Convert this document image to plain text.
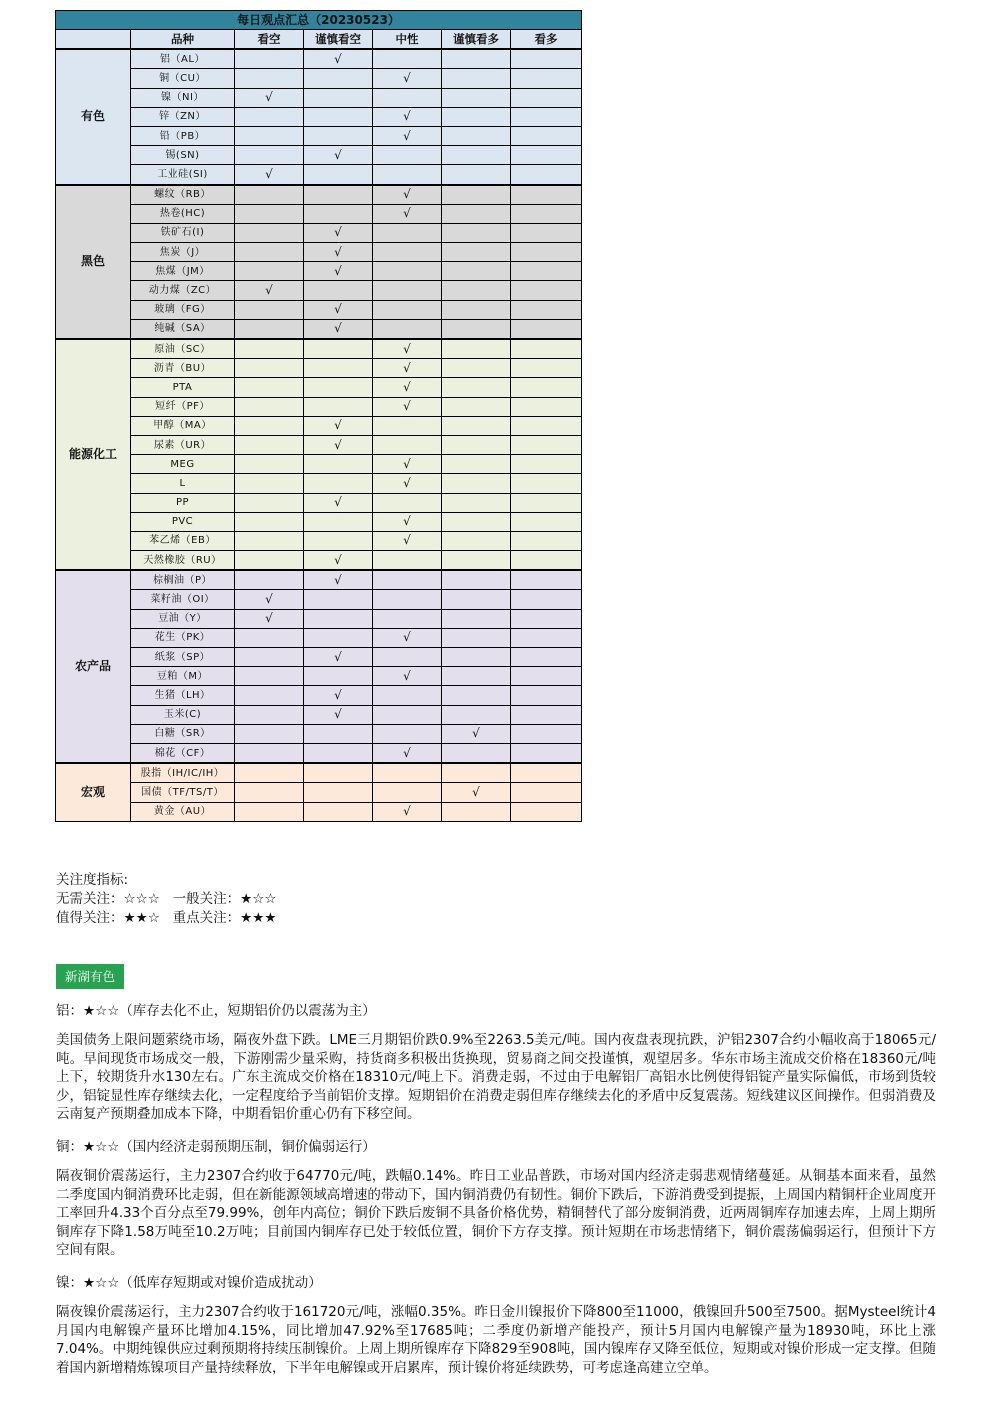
每日观点汇总（20230523）						
	品种	看空	谨慎看空	中性	谨慎看多	看多
有色	铝（AL）		√			
	铜（CU）			√		
	镍（NI）	√				
	锌（ZN）			√		
	铅（PB）			√		
	锡(SN)		√			
	工业硅(SI)	√				
黑色	螺纹（RB）			√		
	热卷(HC)			√		
	铁矿石(I)		√			
	焦炭（J）		√			
	焦煤（JM）		√			
	动力煤（ZC）	√				
	玻璃（FG）		√			
	纯碱（SA）		√			
能源化工	原油（SC）			√		
	沥青（BU）			√		
	PTA			√		
	短纤（PF）			√		
	甲醇（MA）		√			
	尿素（UR）		√			
	MEG			√		
	L			√		
	PP		√			
	PVC			√		
	苯乙烯（EB）			√		
	天然橡胶（RU）		√			
农产品	棕榈油（P）		√			
	菜籽油（OI）	√				
	豆油（Y）	√				
	花生（PK）			√		
	纸浆（SP）		√			
	豆粕（M）			√		
	生猪（LH）		√			
	玉米(C)		√			
	白糖（SR）				√	
	棉花（CF）			√		
宏观	股指（IH/IC/IH）					
	国债（TF/TS/T）				√	
	黄金（AU）			√		
关注度指标:
无需关注：☆☆☆   一般关注：★☆☆
值得关注：★★☆   重点关注：★★★
新湖有色

铝：★☆☆（库存去化不止，短期铝价仍以震荡为主）

美国债务上限问题萦绕市场，隔夜外盘下跌。LME三月期铝价跌0.9%至2263.5美元/吨。国内夜盘表现抗跌，沪铝2307合约小幅收高于18065元/吨。早间现货市场成交一般，下游刚需少量采购，持货商多积极出货换现，贸易商之间交投谨慎，观望居多。华东市场主流成交价格在18360元/吨上下，较期货升水130左右。广东主流成交价格在18310元/吨上下。消费走弱，不过由于电解铝厂高铝水比例使得铝锭产量实际偏低，市场到货较少，铝锭显性库存继续去化，一定程度给予当前铝价支撑。短期铝价在消费走弱但库存继续去化的矛盾中反复震荡。短线建议区间操作。但弱消费及云南复产预期叠加成本下降，中期看铝价重心仍有下移空间。

铜：★☆☆（国内经济走弱预期压制，铜价偏弱运行）

隔夜铜价震荡运行，主力2307合约收于64770元/吨，跌幅0.14%。昨日工业品普跌，市场对国内经济走弱悲观情绪蔓延。从铜基本面来看，虽然二季度国内铜消费环比走弱，但在新能源领域高增速的带动下，国内铜消费仍有韧性。铜价下跌后，下游消费受到提振，上周国内精铜杆企业周度开工率回升4.33个百分点至79.99%，创年内高位；铜价下跌后废铜不具备价格优势，精铜替代了部分废铜消费，近两周铜库存加速去库，上周上期所铜库存下降1.58万吨至10.2万吨；目前国内铜库存已处于较低位置，铜价下方存支撑。预计短期在市场悲情绪下，铜价震荡偏弱运行，但预计下方空间有限。

镍：★☆☆（低库存短期或对镍价造成扰动）

隔夜镍价震荡运行，主力2307合约收于161720元/吨，涨幅0.35%。昨日金川镍报价下降800至11000，俄镍回升500至7500。据Mysteel统计4月国内电解镍产量环比增加4.15%，同比增加47.92%至17685吨；二季度仍新增产能投产，预计5月国内电解镍产量为18930吨，环比上涨7.04%。中期纯镍供应过剩预期将持续压制镍价。上周上期所镍库存下降829至908吨，国内镍库存又降至低位，短期或对镍价形成一定支撑。但随着国内新增精炼镍项目产量持续释放，下半年电解镍或开启累库，预计镍价将延续跌势，可考虑逢高建立空单。
